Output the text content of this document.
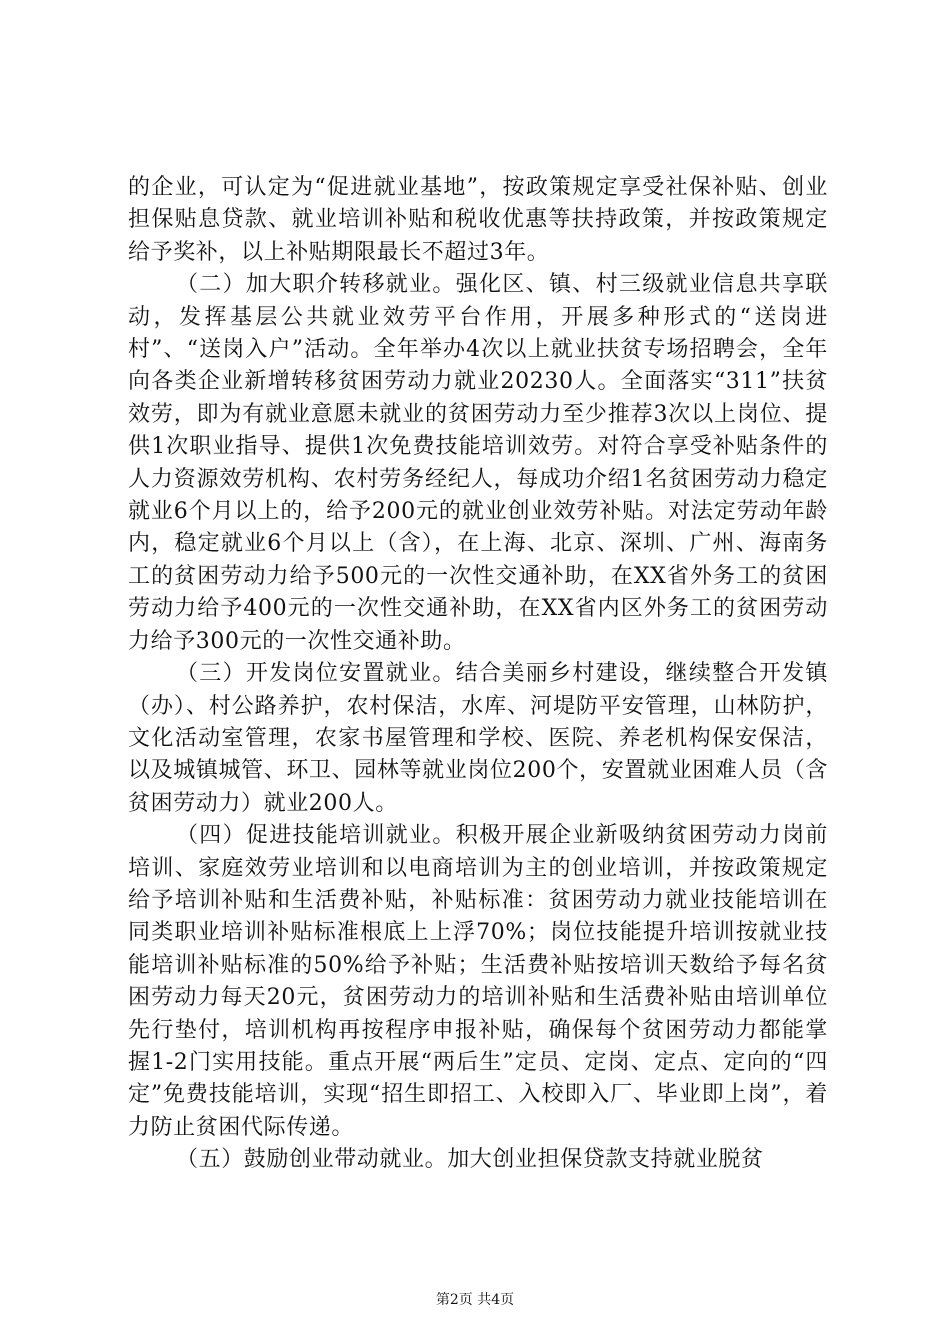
的企业，可认定为“促进就业基地”，按政策规定享受社保补贴、创业担保贴息贷款、就业培训补贴和税收优惠等扶持政策，并按政策规定给予奖补，以上补贴期限最长不超过3年。

（二）加大职介转移就业。强化区、镇、村三级就业信息共享联动，发挥基层公共就业效劳平台作用，开展多种形式的“送岗进村”、“送岗入户”活动。全年举办4次以上就业扶贫专场招聘会，全年向各类企业新增转移贫困劳动力就业20230人。全面落实“311”扶贫效劳，即为有就业意愿未就业的贫困劳动力至少推荐3次以上岗位、提供1次职业指导、提供1次免费技能培训效劳。对符合享受补贴条件的人力资源效劳机构、农村劳务经纪人，每成功介绍1名贫困劳动力稳定就业6个月以上的，给予200元的就业创业效劳补贴。对法定劳动年龄内，稳定就业6个月以上（含），在上海、北京、深圳、广州、海南务工的贫困劳动力给予500元的一次性交通补助，在XX省外务工的贫困劳动力给予400元的一次性交通补助，在XX省内区外务工的贫困劳动力给予300元的一次性交通补助。

（三）开发岗位安置就业。结合美丽乡村建设，继续整合开发镇（办）、村公路养护，农村保洁，水库、河堤防平安管理，山林防护，文化活动室管理，农家书屋管理和学校、医院、养老机构保安保洁，以及城镇城管、环卫、园林等就业岗位200个，安置就业困难人员（含贫困劳动力）就业200人。

（四）促进技能培训就业。积极开展企业新吸纳贫困劳动力岗前培训、家庭效劳业培训和以电商培训为主的创业培训，并按政策规定给予培训补贴和生活费补贴，补贴标准：贫困劳动力就业技能培训在同类职业培训补贴标准根底上上浮70%；岗位技能提升培训按就业技能培训补贴标准的50%给予补贴；生活费补贴按培训天数给予每名贫困劳动力每天20元，贫困劳动力的培训补贴和生活费补贴由培训单位先行垫付，培训机构再按程序申报补贴，确保每个贫困劳动力都能掌握1-2门实用技能。重点开展“两后生”定员、定岗、定点、定向的“四定”免费技能培训，实现“招生即招工、入校即入厂、毕业即上岗”，着力防止贫困代际传递。

（五）鼓励创业带动就业。加大创业担保贷款支持就业脱贫

第2页 共4页
